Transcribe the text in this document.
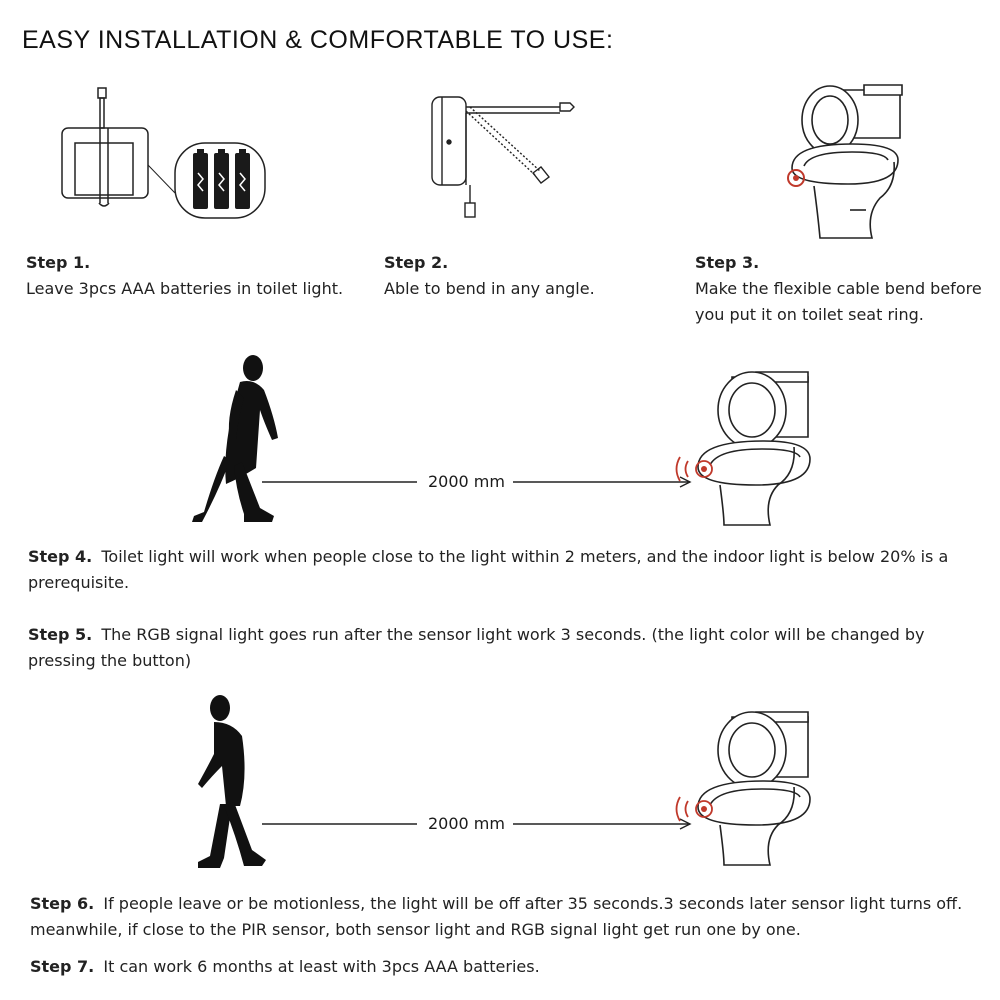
EASY INSTALLATION & COMFORTABLE TO USE:
Step 1.
Leave 3pcs AAA batteries in toilet light.
Step 2.
Able to bend in any angle.
Step 3.
Make the flexible cable bend before you put it on toilet seat ring.
2000 mm
Step 4. Toilet light will work when people close to the light within 2 meters, and the indoor light is below 20% is a prerequisite.
Step 5. The RGB signal light goes run after the sensor light work 3 seconds. (the light color will be changed by pressing the button)
2000 mm
Step 6. If people leave or be motionless, the light will be off after 35 seconds.3 seconds later sensor light turns off. meanwhile, if close to the PIR sensor, both sensor light and RGB signal light get run one by one.
Step 7. It can work 6 months at least with 3pcs AAA batteries.
